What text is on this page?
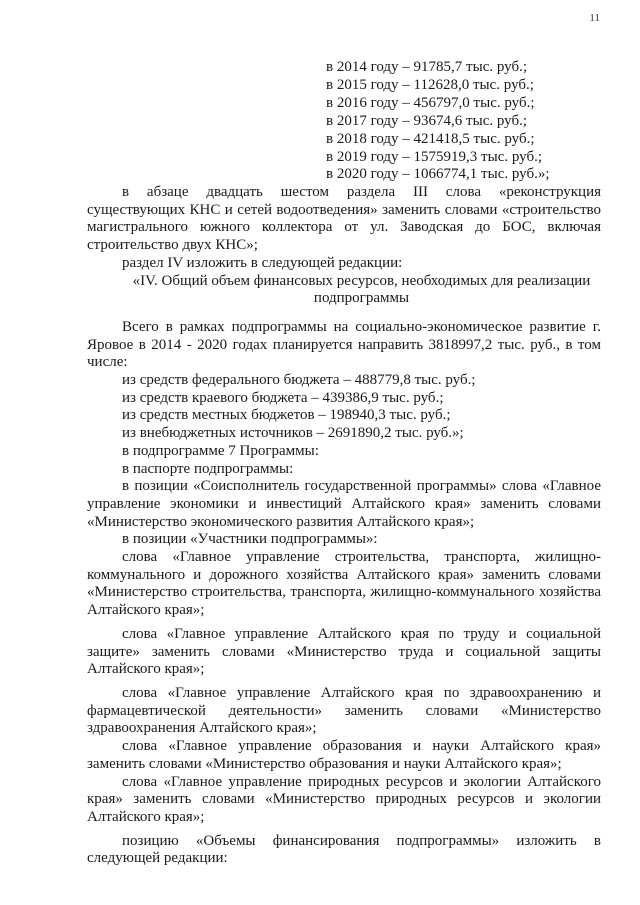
11
в 2014 году – 91785,7 тыс. руб.;
в 2015 году – 112628,0 тыс. руб.;
в 2016 году – 456797,0 тыс. руб.;
в 2017 году – 93674,6 тыс. руб.;
в 2018 году – 421418,5 тыс. руб.;
в 2019 году – 1575919,3 тыс. руб.;
в 2020 году – 1066774,1 тыс. руб.»;

в абзаце двадцать шестом раздела III слова «реконструкция существующих КНС и сетей водоотведения» заменить словами «строительство магистрального южного коллектора от ул. Заводская до БОС, включая строительство двух КНС»;

раздел IV изложить в следующей редакции:

«IV. Общий объем финансовых ресурсов, необходимых для реализации подпрограммы

Всего в рамках подпрограммы на социально-экономическое развитие г. Яровое в 2014 - 2020 годах планируется направить 3818997,2 тыс. руб., в том числе:

из средств федерального бюджета – 488779,8 тыс. руб.;

из средств краевого бюджета – 439386,9 тыс. руб.;

из средств местных бюджетов – 198940,3 тыс. руб.;

из внебюджетных источников – 2691890,2 тыс. руб.»;

в подпрограмме 7 Программы:

в паспорте подпрограммы:

в позиции «Соисполнитель государственной программы» слова «Главное управление экономики и инвестиций Алтайского края» заменить словами «Министерство экономического развития Алтайского края»;

в позиции «Участники подпрограммы»:

слова «Главное управление строительства, транспорта, жилищно-коммунального и дорожного хозяйства Алтайского края» заменить словами «Министерство строительства, транспорта, жилищно-коммунального хозяйства Алтайского края»;

слова «Главное управление Алтайского края по труду и социальной защите» заменить словами «Министерство труда и социальной защиты Алтайского края»;

слова «Главное управление Алтайского края по здравоохранению и фармацевтической деятельности» заменить словами «Министерство здравоохранения Алтайского края»;

слова «Главное управление образования и науки Алтайского края» заменить словами «Министерство образования и науки Алтайского края»;

слова «Главное управление природных ресурсов и экологии Алтайского края» заменить словами «Министерство природных ресурсов и экологии Алтайского края»;

позицию «Объемы финансирования подпрограммы» изложить в следующей редакции:
